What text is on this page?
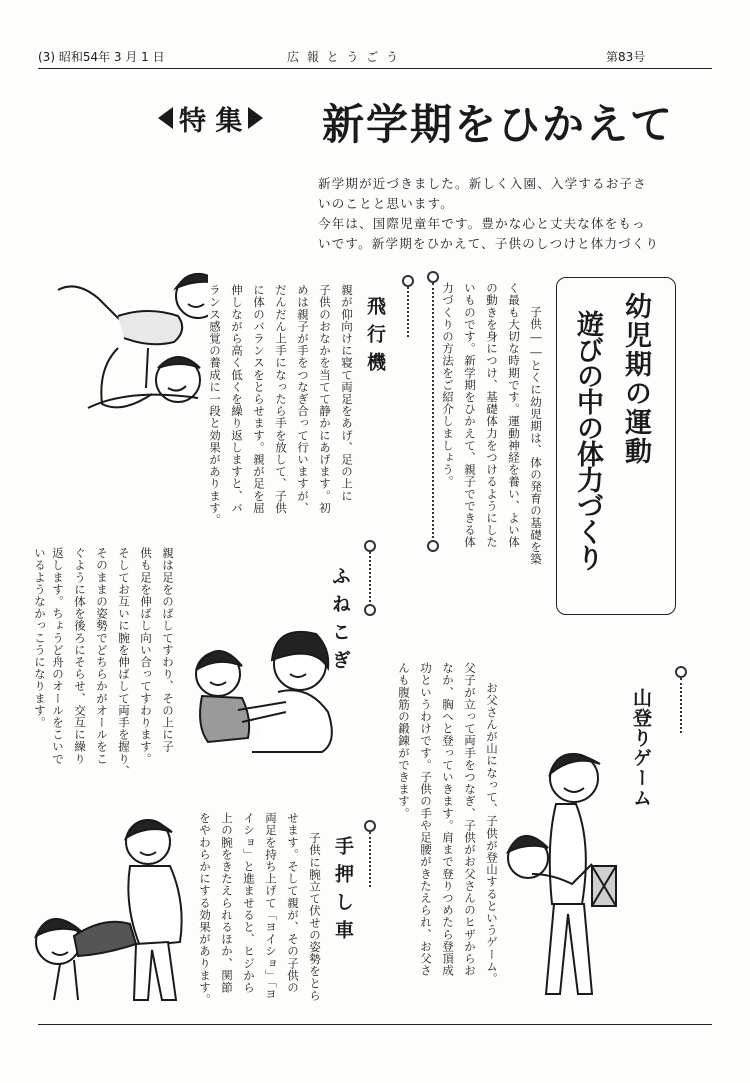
(3) 昭和54年 3 月 1 日	広 報 と う ご う	第83号
特 集 新学期をひかえて
新学期が近づきました。新しく入園、入学するお子さ
いのことと思います。
今年は、国際児童年です。豊かな心と丈夫な体をもっ
いです。新学期をひかえて、子供のしつけと体力づくり
幼児期の運動
遊びの中の体力づくり
子供――とくに幼児期は、体の発育の基礎を築
く最も大切な時期です。運動神経を養い、よい体
の動きを身につけ、基礎体力をつけるようにした
いものです。新学期をひかえて、親子でできる体
力づくりの方法をご紹介しましょう。
飛行機
親が仰向けに寝て両足をあげ、足の上に
子供のおなかを当てて静かにあげます。初
めは親子が手をつなぎ合って行いますが、
だんだん上手になったら手を放して、子供
に体のバランスをとらせます。親が足を屈
伸しながら高く低くを繰り返しますと、バ
ランス感覚の養成に一段と効果があります。
ふねこぎ
親は足をのばしてすわり、その上に子
供も足を伸ばし向い合ってすわります。
そしてお互いに腕を伸ばして両手を握り、
そのままの姿勢でどちらかがオールをこ
ぐように体を後ろにそらせ、交互に繰り
返します。ちょうど舟のオールをこいで
いるようなかっこうになります。
山登りゲーム
お父さんが山になって、子供が登山するというゲーム。
父子が立って両手をつなぎ、子供がお父さんのヒザからお
なか、胸へと登っていきます。肩まで登りつめたら登頂成
功というわけです。子供の手や足腰がきたえられ、お父さ
んも腹筋の鍛錬ができます。
手押し車
子供に腕立て伏せの姿勢をとら
せます。そして親が、その子供の
両足を持ち上げて「ヨイショ」「ヨ
イショ」と進ませると、ヒジから
上の腕をきたえられるほか、関節
をやわらかにする効果があります。
